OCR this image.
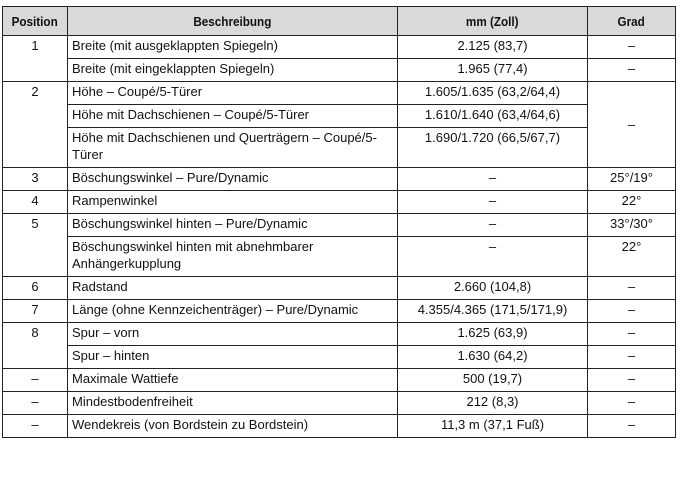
Position	Beschreibung	mm (Zoll)	Grad
1	Breite (mit ausgeklappten Spiegeln)	2.125 (83,7)	–
	Breite (mit eingeklappten Spiegeln)	1.965 (77,4)	–
2	Höhe – Coupé/5-Türer	1.605/1.635 (63,2/64,4)	–
	Höhe mit Dachschienen – Coupé/5-Türer	1.610/1.640 (63,4/64,6)	
	Höhe mit Dachschienen und Querträgern – Coupé/5-Türer	1.690/1.720 (66,5/67,7)	
3	Böschungswinkel – Pure/Dynamic	–	25°/19°
4	Rampenwinkel	–	22°
5	Böschungswinkel hinten – Pure/Dynamic	–	33°/30°
	Böschungswinkel hinten mit abnehmbarer Anhängerkupplung	–	22°
6	Radstand	2.660 (104,8)	–
7	Länge (ohne Kennzeichenträger) – Pure/Dynamic	4.355/4.365 (171,5/171,9)	–
8	Spur – vorn	1.625 (63,9)	–
	Spur – hinten	1.630 (64,2)	–
–	Maximale Wattiefe	500 (19,7)	–
–	Mindestbodenfreiheit	212 (8,3)	–
–	Wendekreis (von Bordstein zu Bordstein)	11,3 m (37,1 Fuß)	–
